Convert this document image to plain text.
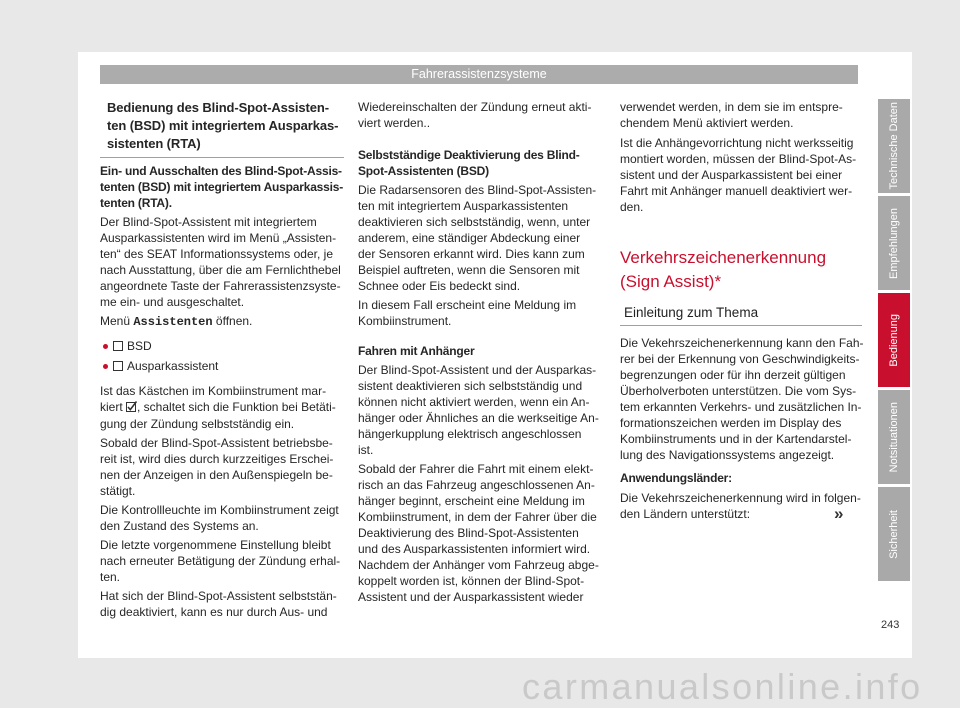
Fahrerassistenzsysteme
Bedienung des Blind-Spot-Assisten-
ten (BSD) mit integriertem Ausparkas-
sistenten (RTA)

Ein- und Ausschalten des Blind-Spot-Assis-
tenten (BSD) mit integriertem Ausparkassis-
tenten (RTA).

Der Blind-Spot-Assistent mit integriertem
Ausparkassistenten wird im Menü „Assisten-
ten“ des SEAT Informationssystems oder, je
nach Ausstattung, über die am Fernlichthebel
angeordnete Taste der Fahrerassistenzsyste-
me ein- und ausgeschaltet.

Menü Assistenten öffnen.

BSD
Ausparkassistent

Ist das Kästchen im Kombiinstrument mar-
kiert , schaltet sich die Funktion bei Betäti-
gung der Zündung selbstständig ein.

Sobald der Blind-Spot-Assistent betriebsbe-
reit ist, wird dies durch kurzzeitiges Erschei-
nen der Anzeigen in den Außenspiegeln be-
stätigt.

Die Kontrollleuchte im Kombiinstrument zeigt
den Zustand des Systems an.

Die letzte vorgenommene Einstellung bleibt
nach erneuter Betätigung der Zündung erhal-
ten.

Hat sich der Blind-Spot-Assistent selbststän-
dig deaktiviert, kann es nur durch Aus- und

Wiedereinschalten der Zündung erneut akti-
viert werden..

Selbstständige Deaktivierung des Blind-
Spot-Assistenten (BSD)

Die Radarsensoren des Blind-Spot-Assisten-
ten mit integriertem Ausparkassistenten
deaktivieren sich selbstständig, wenn, unter
anderem, eine ständiger Abdeckung einer
der Sensoren erkannt wird. Dies kann zum
Beispiel auftreten, wenn die Sensoren mit
Schnee oder Eis bedeckt sind.

In diesem Fall erscheint eine Meldung im
Kombiinstrument.

Fahren mit Anhänger

Der Blind-Spot-Assistent und der Ausparkas-
sistent deaktivieren sich selbstständig und
können nicht aktiviert werden, wenn ein An-
hänger oder Ähnliches an die werkseitige An-
hängerkupplung elektrisch angeschlossen
ist.

Sobald der Fahrer die Fahrt mit einem elekt-
risch an das Fahrzeug angeschlossenen An-
hänger beginnt, erscheint eine Meldung im
Kombiinstrument, in dem der Fahrer über die
Deaktivierung des Blind-Spot-Assistenten
und des Ausparkassistenten informiert wird.
Nachdem der Anhänger vom Fahrzeug abge-
koppelt worden ist, können der Blind-Spot-
Assistent und der Ausparkassistent wieder

verwendet werden, in dem sie im entspre-
chendem Menü aktiviert werden.

Ist die Anhängevorrichtung nicht werksseitig
montiert worden, müssen der Blind-Spot-As-
sistent und der Ausparkassistent bei einer
Fahrt mit Anhänger manuell deaktiviert wer-
den.

Verkehrszeichenerkennung
(Sign Assist)*
Einleitung zum Thema

Die Vekehrszeichenerkennung kann den Fah-
rer bei der Erkennung von Geschwindigkeits-
begrenzungen oder für ihn derzeit gültigen
Überholverboten unterstützen. Die vom Sys-
tem erkannten Verkehrs- und zusätzlichen In-
formationszeichen werden im Display des
Kombiinstruments und in der Kartendarstel-
lung des Navigationssystems angezeigt.

Anwendungsländer:

Die Vekehrszeichenerkennung wird in folgen-
den Ländern unterstützt:	»
Technische Daten
Empfehlungen
Bedienung
Notsituationen
Sicherheit
243
carmanualsonline.info
